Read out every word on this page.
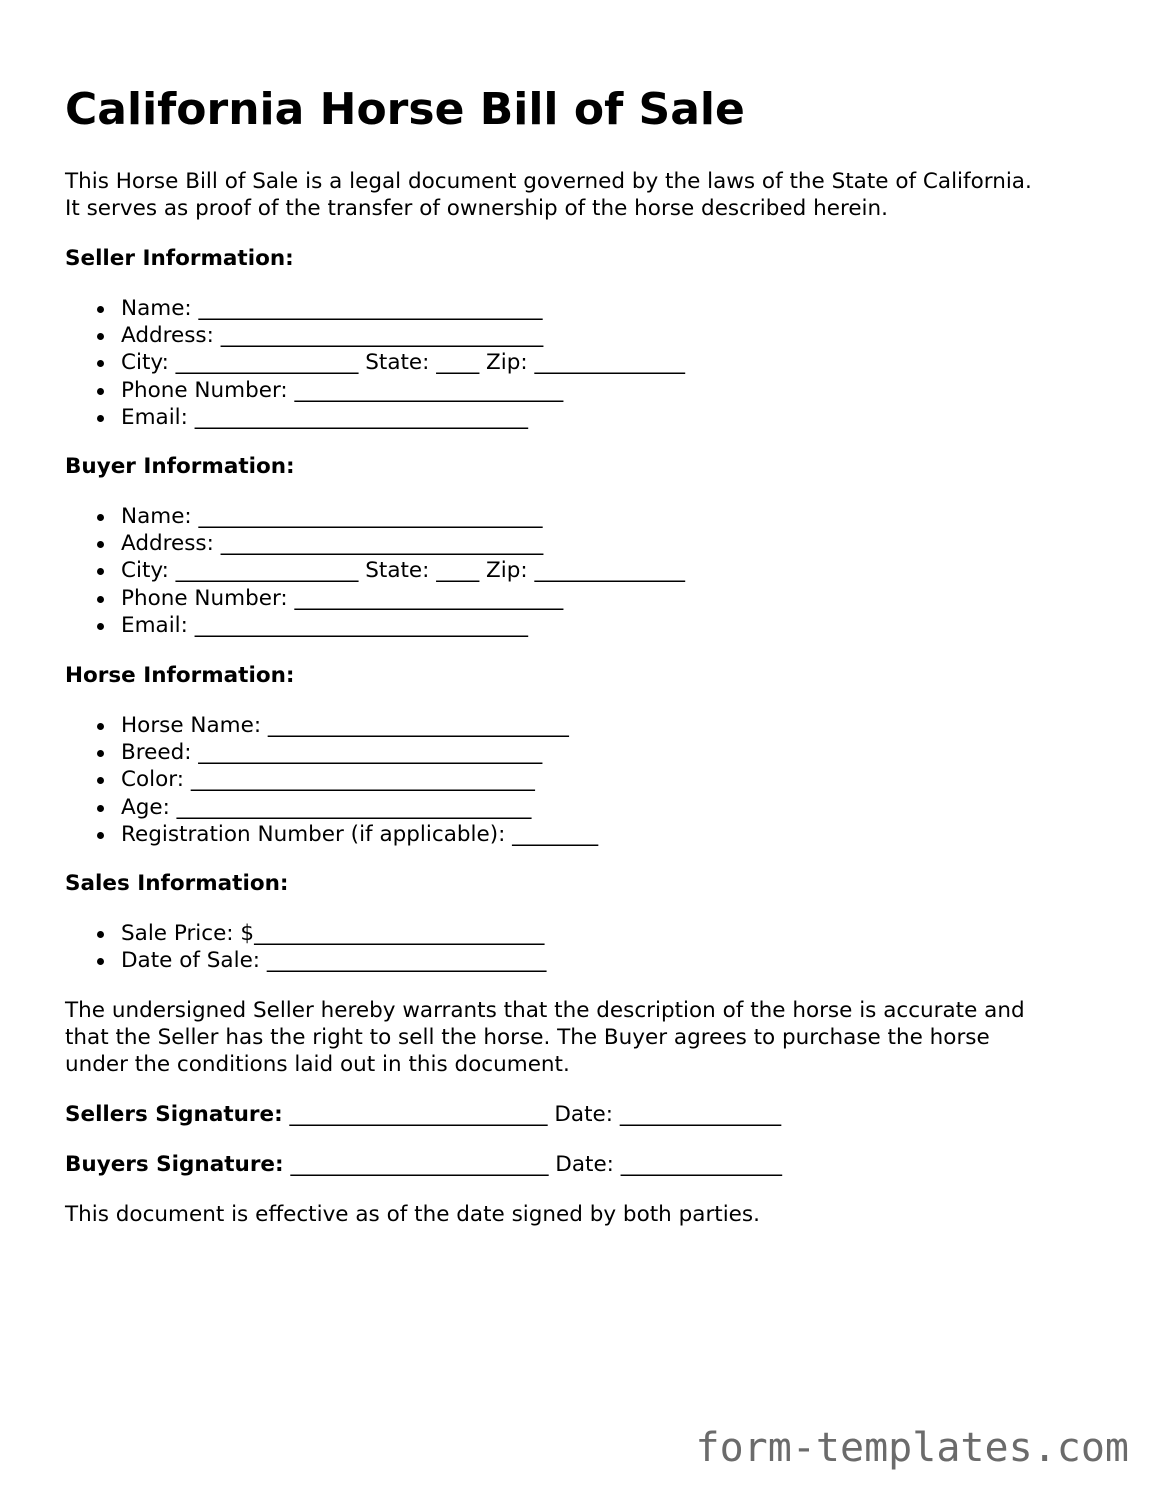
California Horse Bill of Sale

This Horse Bill of Sale is a legal document governed by the laws of the State of California.
It serves as proof of the transfer of ownership of the horse described herein.

Seller Information:
Name: ________________________________
Address: ______________________________
City: _________________ State: ____ Zip: ______________
Phone Number: _________________________
Email: _______________________________
Buyer Information:
Name: ________________________________
Address: ______________________________
City: _________________ State: ____ Zip: ______________
Phone Number: _________________________
Email: _______________________________
Horse Information:
Horse Name: ____________________________
Breed: ________________________________
Color: ________________________________
Age: _________________________________
Registration Number (if applicable): ________
Sales Information:
Sale Price: $___________________________
Date of Sale: __________________________

The undersigned Seller hereby warrants that the description of the horse is accurate and
that the Seller has the right to sell the horse. The Buyer agrees to purchase the horse
under the conditions laid out in this document.

Sellers Signature: ________________________ Date: _______________

Buyers Signature: ________________________ Date: _______________

This document is effective as of the date signed by both parties.

form-templates.com
